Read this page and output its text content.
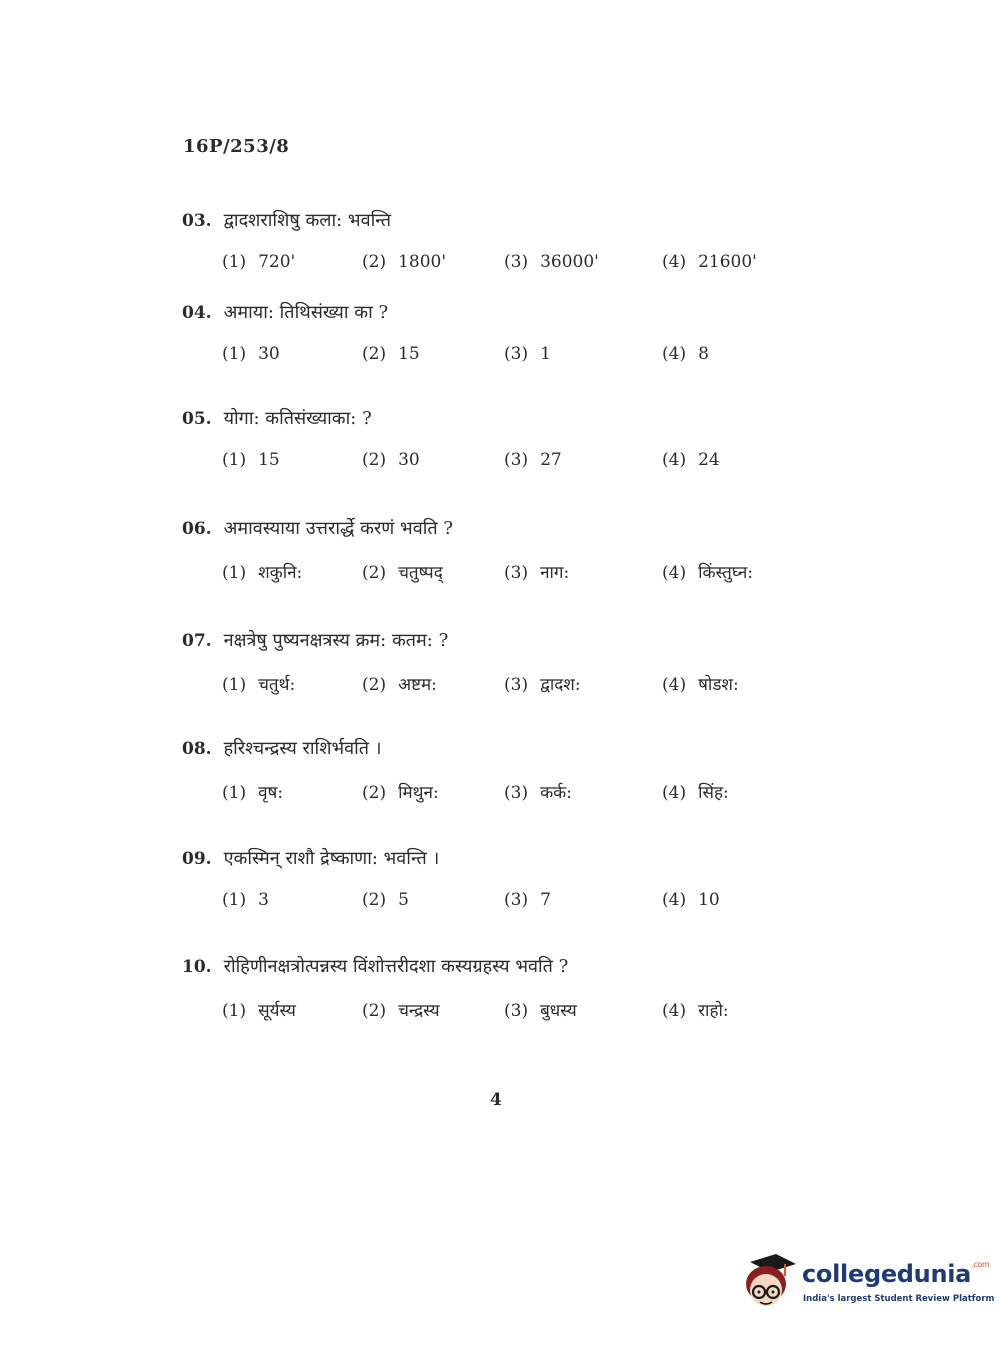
16P/253/8
03. द्वादशराशिषु कला: भवन्ति
(1) 720'	(2) 1800'	(3) 36000'	(4) 21600'
04. अमाया: तिथिसंख्या का ?
(1) 30	(2) 15	(3) 1	(4) 8
05. योगा: कतिसंख्याका: ?
(1) 15	(2) 30	(3) 27	(4) 24
06. अमावस्याया उत्तरार्द्धे करणं भवति ?
(1) शकुनि:	(2) चतुष्पद्	(3) नाग:	(4) किंस्तुघ्न:
07. नक्षत्रेषु पुष्यनक्षत्रस्य क्रम: कतम: ?
(1) चतुर्थ:	(2) अष्टम:	(3) द्वादश:	(4) षोडश:
08. हरिश्चन्द्रस्य राशिर्भवति ।
(1) वृष:	(2) मिथुन:	(3) कर्क:	(4) सिंह:
09. एकस्मिन् राशौ द्रेष्काणा: भवन्ति ।
(1) 3	(2) 5	(3) 7	(4) 10
10. रोहिणीनक्षत्रोत्पन्नस्य विंशोत्तरीदशा कस्यग्रहस्य भवति ?
(1) सूर्यस्य	(2) चन्द्रस्य	(3) बुधस्य	(4) राहो:
4
collegedunia$^{.com}$
India's largest Student Review Platform
